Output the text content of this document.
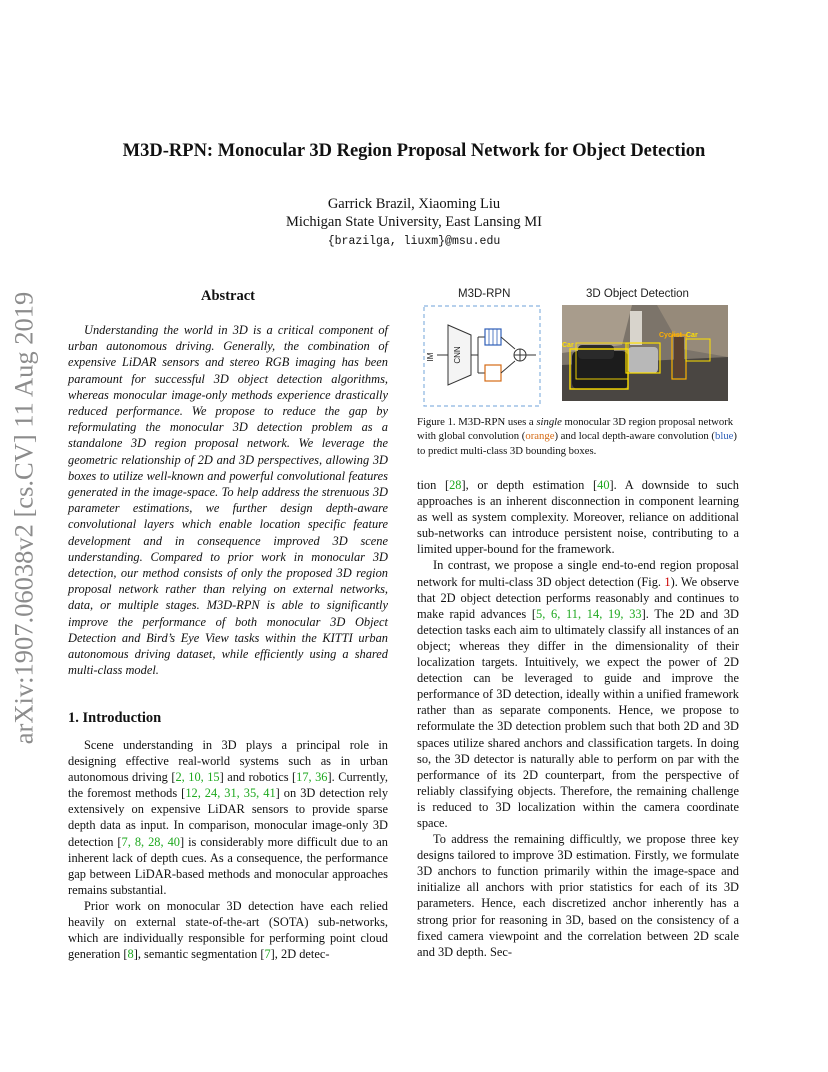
M3D-RPN: Monocular 3D Region Proposal Network for Object Detection
Garrick Brazil, Xiaoming Liu
Michigan State University, East Lansing MI
{brazilga, liuxm}@msu.edu
arXiv:1907.06038v2 [cs.CV] 11 Aug 2019	Abstract
Understanding the world in 3D is a critical component of urban autonomous driving. Generally, the combination of expensive LiDAR sensors and stereo RGB imaging has been paramount for successful 3D object detection algorithms, whereas monocular image-only methods experience drastically reduced performance. We propose to reduce the gap by reformulating the monocular 3D detection problem as a standalone 3D region proposal network. We leverage the geometric relationship of 2D and 3D perspectives, allowing 3D boxes to utilize well-known and powerful convolutional features generated in the image-space. To help address the strenuous 3D parameter estimations, we further design depth-aware convolutional layers which enable location specific feature development and in consequence improved 3D scene understanding. Compared to prior work in monocular 3D detection, our method consists of only the proposed 3D region proposal network rather than relying on external networks, data, or multiple stages. M3D-RPN is able to significantly improve the performance of both monocular 3D Object Detection and Bird’s Eye View tasks within the KITTI urban autonomous driving dataset, while efficiently using a shared multi-class model.
1. Introduction

Scene understanding in 3D plays a principal role in designing effective real-world systems such as in urban autonomous driving [2, 10, 15] and robotics [17, 36]. Currently, the foremost methods [12, 24, 31, 35, 41] on 3D detection rely extensively on expensive LiDAR sensors to provide sparse depth data as input. In comparison, monocular image-only 3D detection [7, 8, 28, 40] is considerably more difficult due to an inherent lack of depth cues. As a consequence, the performance gap between LiDAR-based methods and monocular approaches remains substantial.

Prior work on monocular 3D detection have each relied heavily on external state-of-the-art (SOTA) sub-networks, which are individually responsible for performing point cloud generation [8], semantic segmentation [7], 2D detec-

M3D-RPN	3D Object Detection
IM CNN
Car
Car
Cyclist
Figure 1. M3D-RPN uses a single monocular 3D region proposal network with global convolution (orange) and local depth-aware convolution (blue) to predict multi-class 3D bounding boxes.

tion [28], or depth estimation [40]. A downside to such approaches is an inherent disconnection in component learning as well as system complexity. Moreover, reliance on additional sub-networks can introduce persistent noise, contributing to a limited upper-bound for the framework.

In contrast, we propose a single end-to-end region proposal network for multi-class 3D object detection (Fig. 1). We observe that 2D object detection performs reasonably and continues to make rapid advances [5, 6, 11, 14, 19, 33]. The 2D and 3D detection tasks each aim to ultimately classify all instances of an object; whereas they differ in the dimensionality of their localization targets. Intuitively, we expect the power of 2D detection can be leveraged to guide and improve the performance of 3D detection, ideally within a unified framework rather than as separate components. Hence, we propose to reformulate the 3D detection problem such that both 2D and 3D spaces utilize shared anchors and classification targets. In doing so, the 3D detector is naturally able to perform on par with the performance of its 2D counterpart, from the perspective of reliably classifying objects. Therefore, the remaining challenge is reduced to 3D localization within the camera coordinate space.

To address the remaining difficultly, we propose three key designs tailored to improve 3D estimation. Firstly, we formulate 3D anchors to function primarily within the image-space and initialize all anchors with prior statistics for each of its 3D parameters. Hence, each discretized anchor inherently has a strong prior for reasoning in 3D, based on the consistency of a fixed camera viewpoint and the correlation between 2D scale and 3D depth. Sec-
